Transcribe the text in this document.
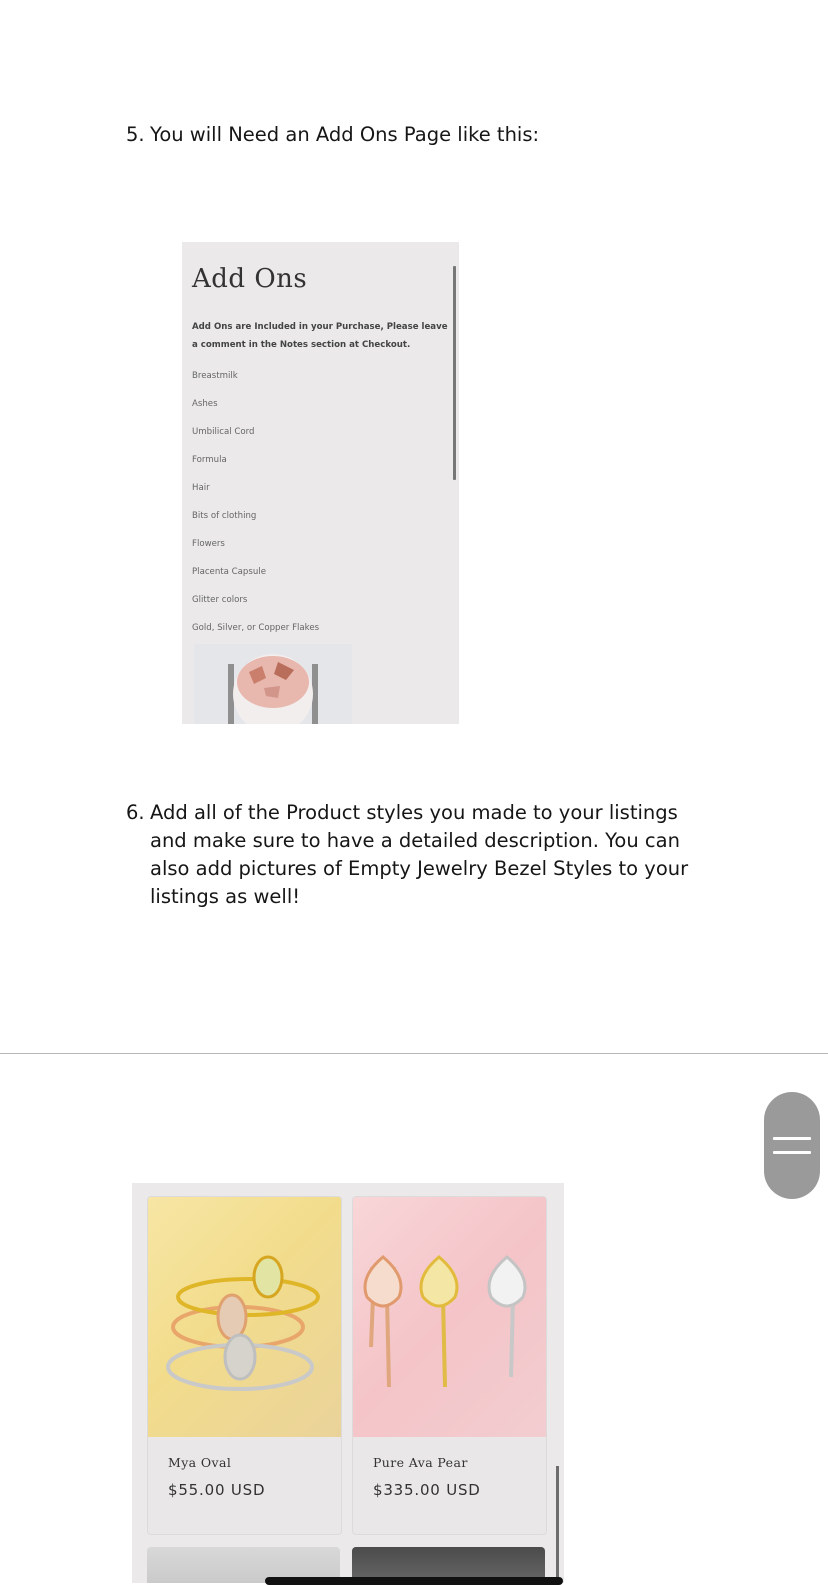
5. You will Need an Add Ons Page like this:
Add Ons
Add Ons are Included in your Purchase, Please leave a comment in the Notes section at Checkout.
Breastmilk
Ashes
Umbilical Cord
Formula
Hair
Bits of clothing
Flowers
Placenta Capsule
Glitter colors
Gold, Silver, or Copper Flakes
6. Add all of the Product styles you made to your listings and make sure to have a detailed description. You can also add pictures of Empty Jewelry Bezel Styles to your listings as well!
Mya Oval
$55.00 USD
Pure Ava Pear
$335.00 USD
